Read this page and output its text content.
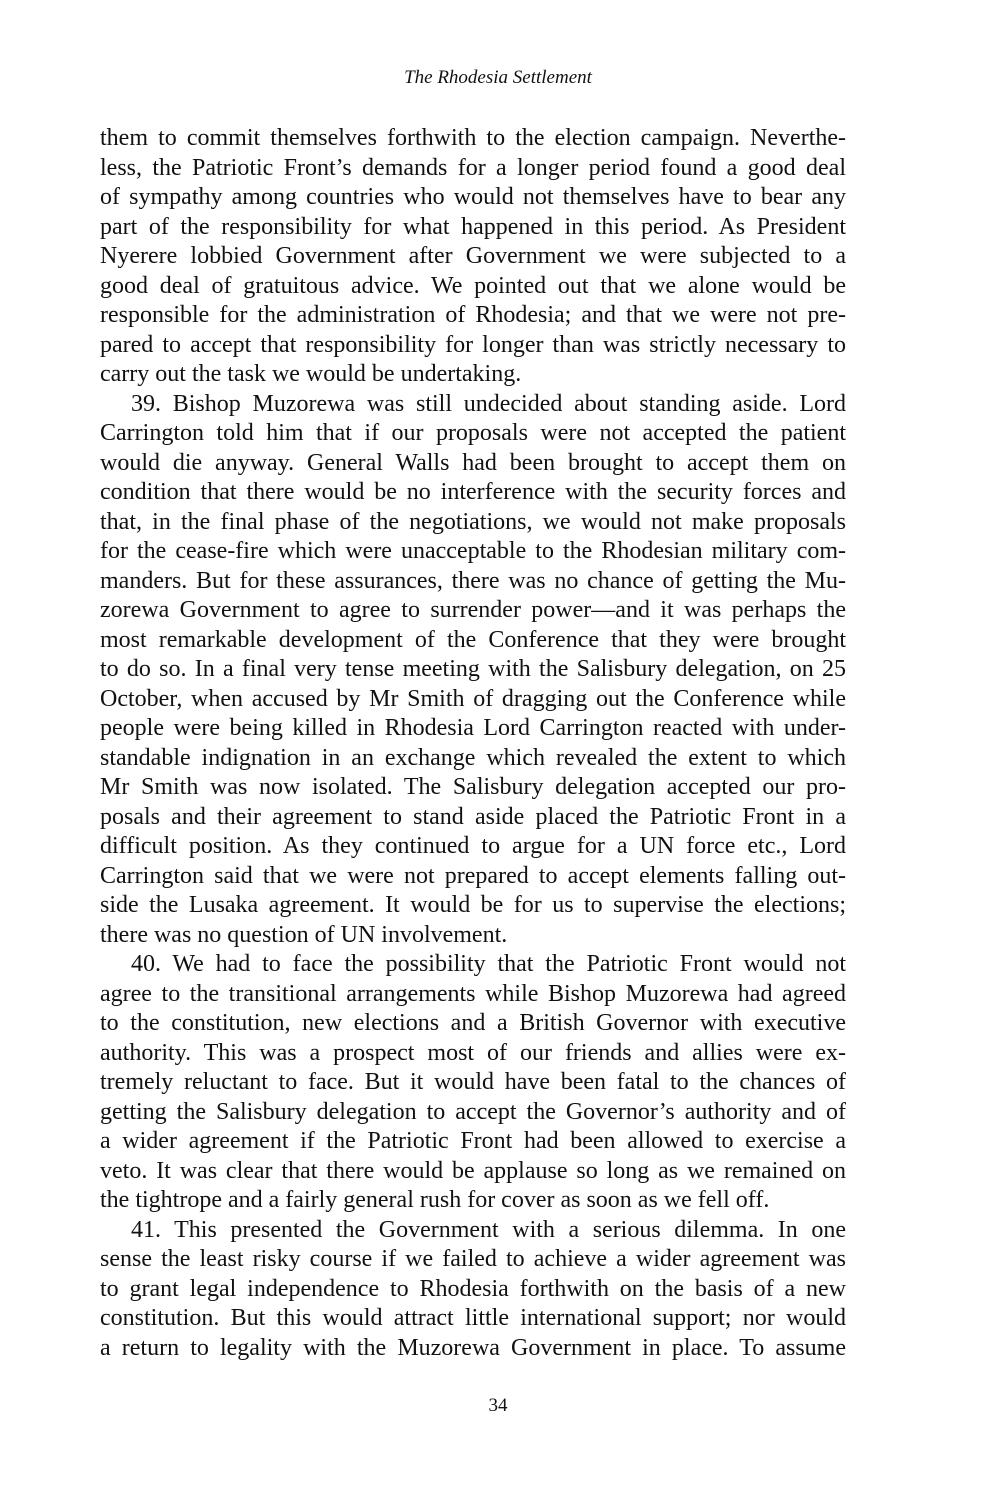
The Rhodesia Settlement
them to commit themselves forthwith to the election campaign. Neverthe-
less, the Patriotic Front’s demands for a longer period found a good deal
of sympathy among countries who would not themselves have to bear any
part of the responsibility for what happened in this period. As President
Nyerere lobbied Government after Government we were subjected to a
good deal of gratuitous advice. We pointed out that we alone would be
responsible for the administration of Rhodesia; and that we were not pre-
pared to accept that responsibility for longer than was strictly necessary to
carry out the task we would be undertaking.
39. Bishop Muzorewa was still undecided about standing aside. Lord
Carrington told him that if our proposals were not accepted the patient
would die anyway. General Walls had been brought to accept them on
condition that there would be no interference with the security forces and
that, in the final phase of the negotiations, we would not make proposals
for the cease-fire which were unacceptable to the Rhodesian military com-
manders. But for these assurances, there was no chance of getting the Mu-
zorewa Government to agree to surrender power—and it was perhaps the
most remarkable development of the Conference that they were brought
to do so. In a final very tense meeting with the Salisbury delegation, on 25
October, when accused by Mr Smith of dragging out the Conference while
people were being killed in Rhodesia Lord Carrington reacted with under-
standable indignation in an exchange which revealed the extent to which
Mr Smith was now isolated. The Salisbury delegation accepted our pro-
posals and their agreement to stand aside placed the Patriotic Front in a
difficult position. As they continued to argue for a UN force etc., Lord
Carrington said that we were not prepared to accept elements falling out-
side the Lusaka agreement. It would be for us to supervise the elections;
there was no question of UN involvement.
40. We had to face the possibility that the Patriotic Front would not
agree to the transitional arrangements while Bishop Muzorewa had agreed
to the constitution, new elections and a British Governor with executive
authority. This was a prospect most of our friends and allies were ex-
tremely reluctant to face. But it would have been fatal to the chances of
getting the Salisbury delegation to accept the Governor’s authority and of
a wider agreement if the Patriotic Front had been allowed to exercise a
veto. It was clear that there would be applause so long as we remained on
the tightrope and a fairly general rush for cover as soon as we fell off.
41. This presented the Government with a serious dilemma. In one
sense the least risky course if we failed to achieve a wider agreement was
to grant legal independence to Rhodesia forthwith on the basis of a new
constitution. But this would attract little international support; nor would
a return to legality with the Muzorewa Government in place. To assume
34
